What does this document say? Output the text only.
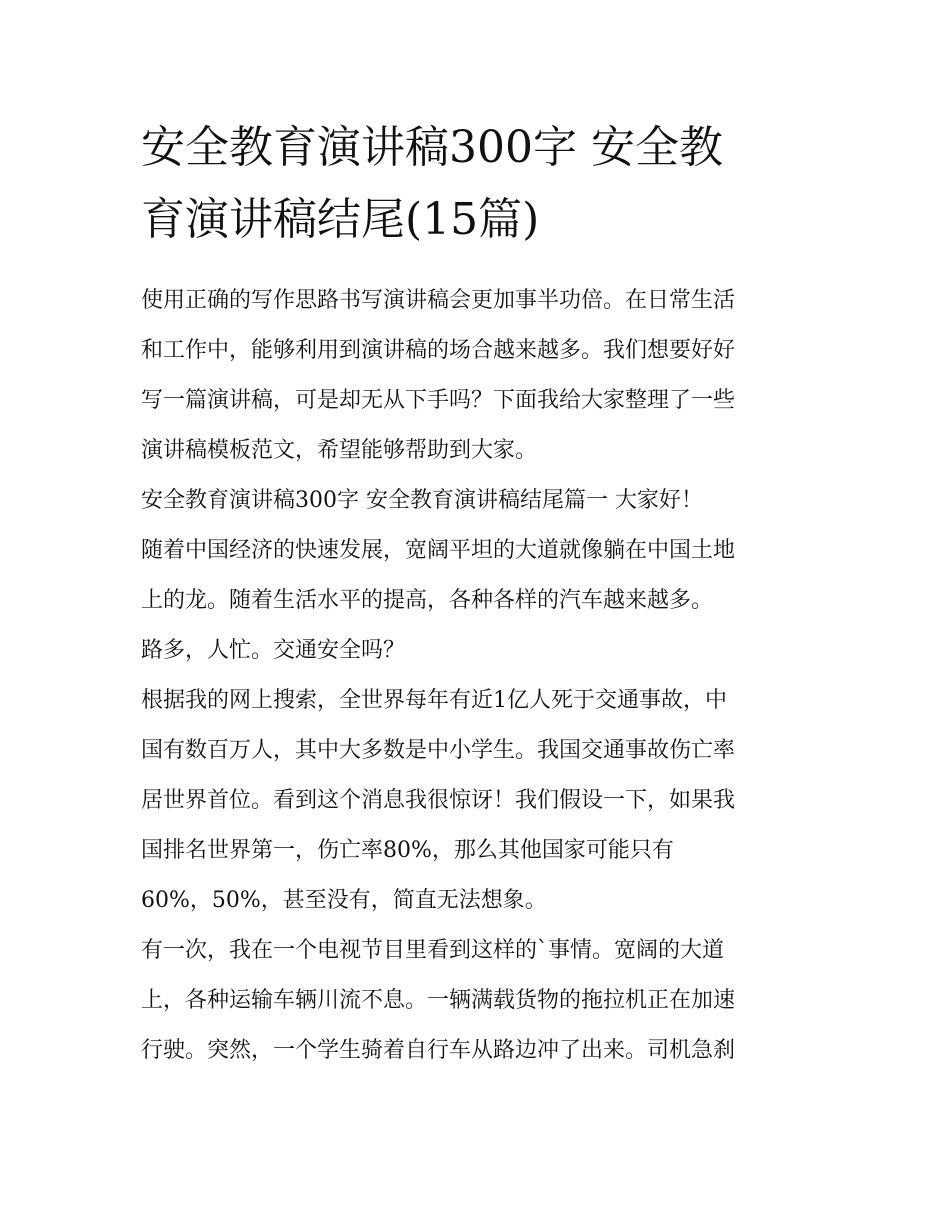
安全教育演讲稿300字 安全教
育演讲稿结尾(15篇)
使用正确的写作思路书写演讲稿会更加事半功倍。在日常生活
和工作中，能够利用到演讲稿的场合越来越多。我们想要好好
写一篇演讲稿，可是却无从下手吗？下面我给大家整理了一些
演讲稿模板范文，希望能够帮助到大家。
安全教育演讲稿300字 安全教育演讲稿结尾篇一 大家好！
随着中国经济的快速发展，宽阔平坦的大道就像躺在中国土地
上的龙。随着生活水平的提高，各种各样的汽车越来越多。
路多，人忙。交通安全吗？
根据我的网上搜索，全世界每年有近1亿人死于交通事故，中
国有数百万人，其中大多数是中小学生。我国交通事故伤亡率
居世界首位。看到这个消息我很惊讶！我们假设一下，如果我
国排名世界第一，伤亡率80%，那么其他国家可能只有
60%，50%，甚至没有，简直无法想象。
有一次，我在一个电视节目里看到这样的`事情。宽阔的大道
上，各种运输车辆川流不息。一辆满载货物的拖拉机正在加速
行驶。突然，一个学生骑着自行车从路边冲了出来。司机急刹
